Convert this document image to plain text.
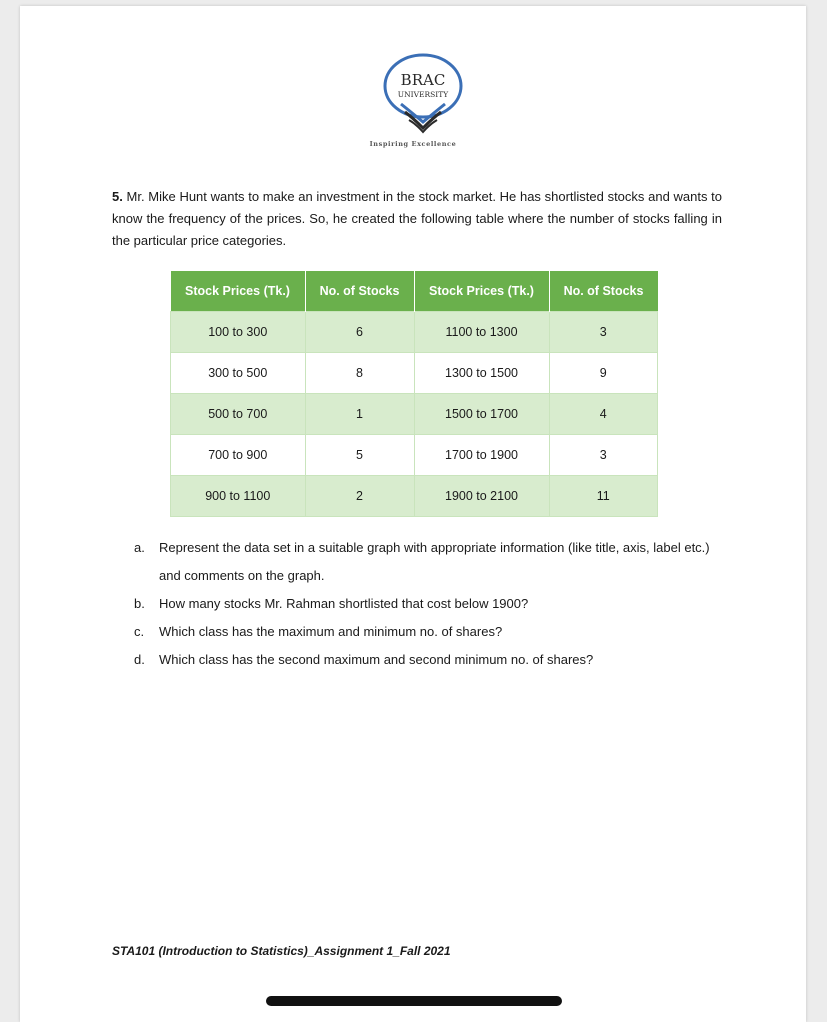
BRAC
UNIVERSITY
Inspiring Excellence
5. Mr. Mike Hunt wants to make an investment in the stock market. He has shortlisted stocks and wants to know the frequency of the prices. So, he created the following table where the number of stocks falling in the particular price categories.
Stock Prices (Tk.)	No. of Stocks	Stock Prices (Tk.)	No. of Stocks
100 to 300	6	1100 to 1300	3
300 to 500	8	1300 to 1500	9
500 to 700	1	1500 to 1700	4
700 to 900	5	1700 to 1900	3
900 to 1100	2	1900 to 2100	11
a. Represent the data set in a suitable graph with appropriate information (like title, axis, label etc.) and comments on the graph.
b. How many stocks Mr. Rahman shortlisted that cost below 1900?
c. Which class has the maximum and minimum no. of shares?
d. Which class has the second maximum and second minimum no. of shares?
STA101 (Introduction to Statistics)_Assignment 1_Fall 2021
